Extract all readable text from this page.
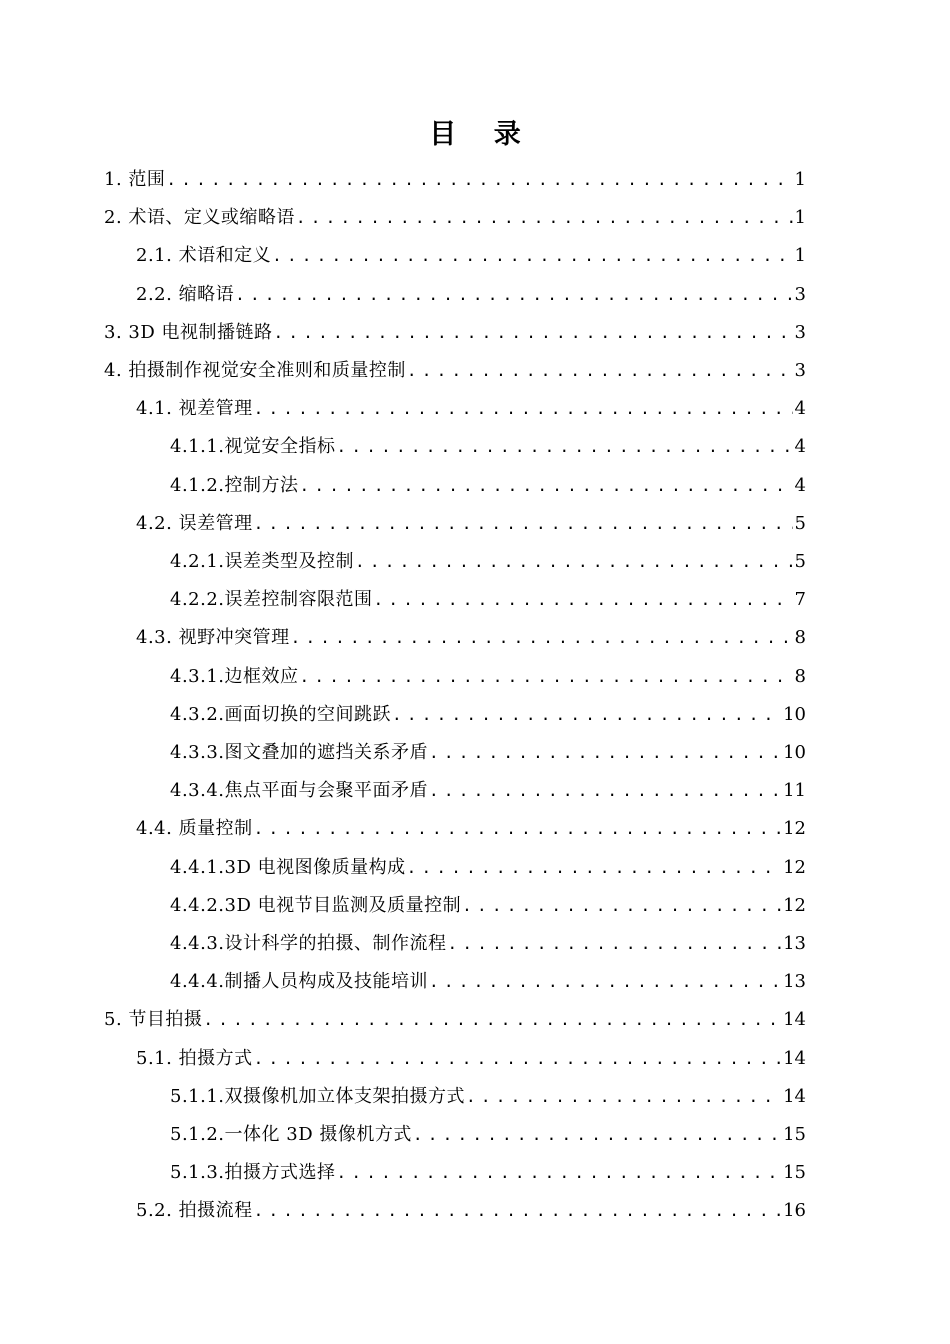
目 录
1. 范围 . . .	1
2. 术语、定义或缩略语 . . .	1
2.1. 术语和定义 . . .	1
2.2. 缩略语 . . .	3
3. 3D 电视制播链路 . . .	3
4. 拍摄制作视觉安全准则和质量控制 . . .	3
4.1. 视差管理 . . .	4
4.1.1.视觉安全指标 . . .	4
4.1.2.控制方法 . . .	4
4.2. 误差管理 . . .	5
4.2.1.误差类型及控制 . . .	5
4.2.2.误差控制容限范围 . . .	7
4.3. 视野冲突管理 . . .	8
4.3.1.边框效应 . . .	8
4.3.2.画面切换的空间跳跃 . . .	10
4.3.3.图文叠加的遮挡关系矛盾 . . .	10
4.3.4.焦点平面与会聚平面矛盾 . . .	11
4.4. 质量控制 . . .	12
4.4.1.3D 电视图像质量构成 . . .	12
4.4.2.3D 电视节目监测及质量控制 . . .	12
4.4.3.设计科学的拍摄、制作流程 . . .	13
4.4.4.制播人员构成及技能培训 . . .	13
5. 节目拍摄 . . .	14
5.1. 拍摄方式 . . .	14
5.1.1.双摄像机加立体支架拍摄方式 . . .	14
5.1.2.一体化 3D 摄像机方式 . . .	15
5.1.3.拍摄方式选择 . . .	15
5.2. 拍摄流程 . . .	16
